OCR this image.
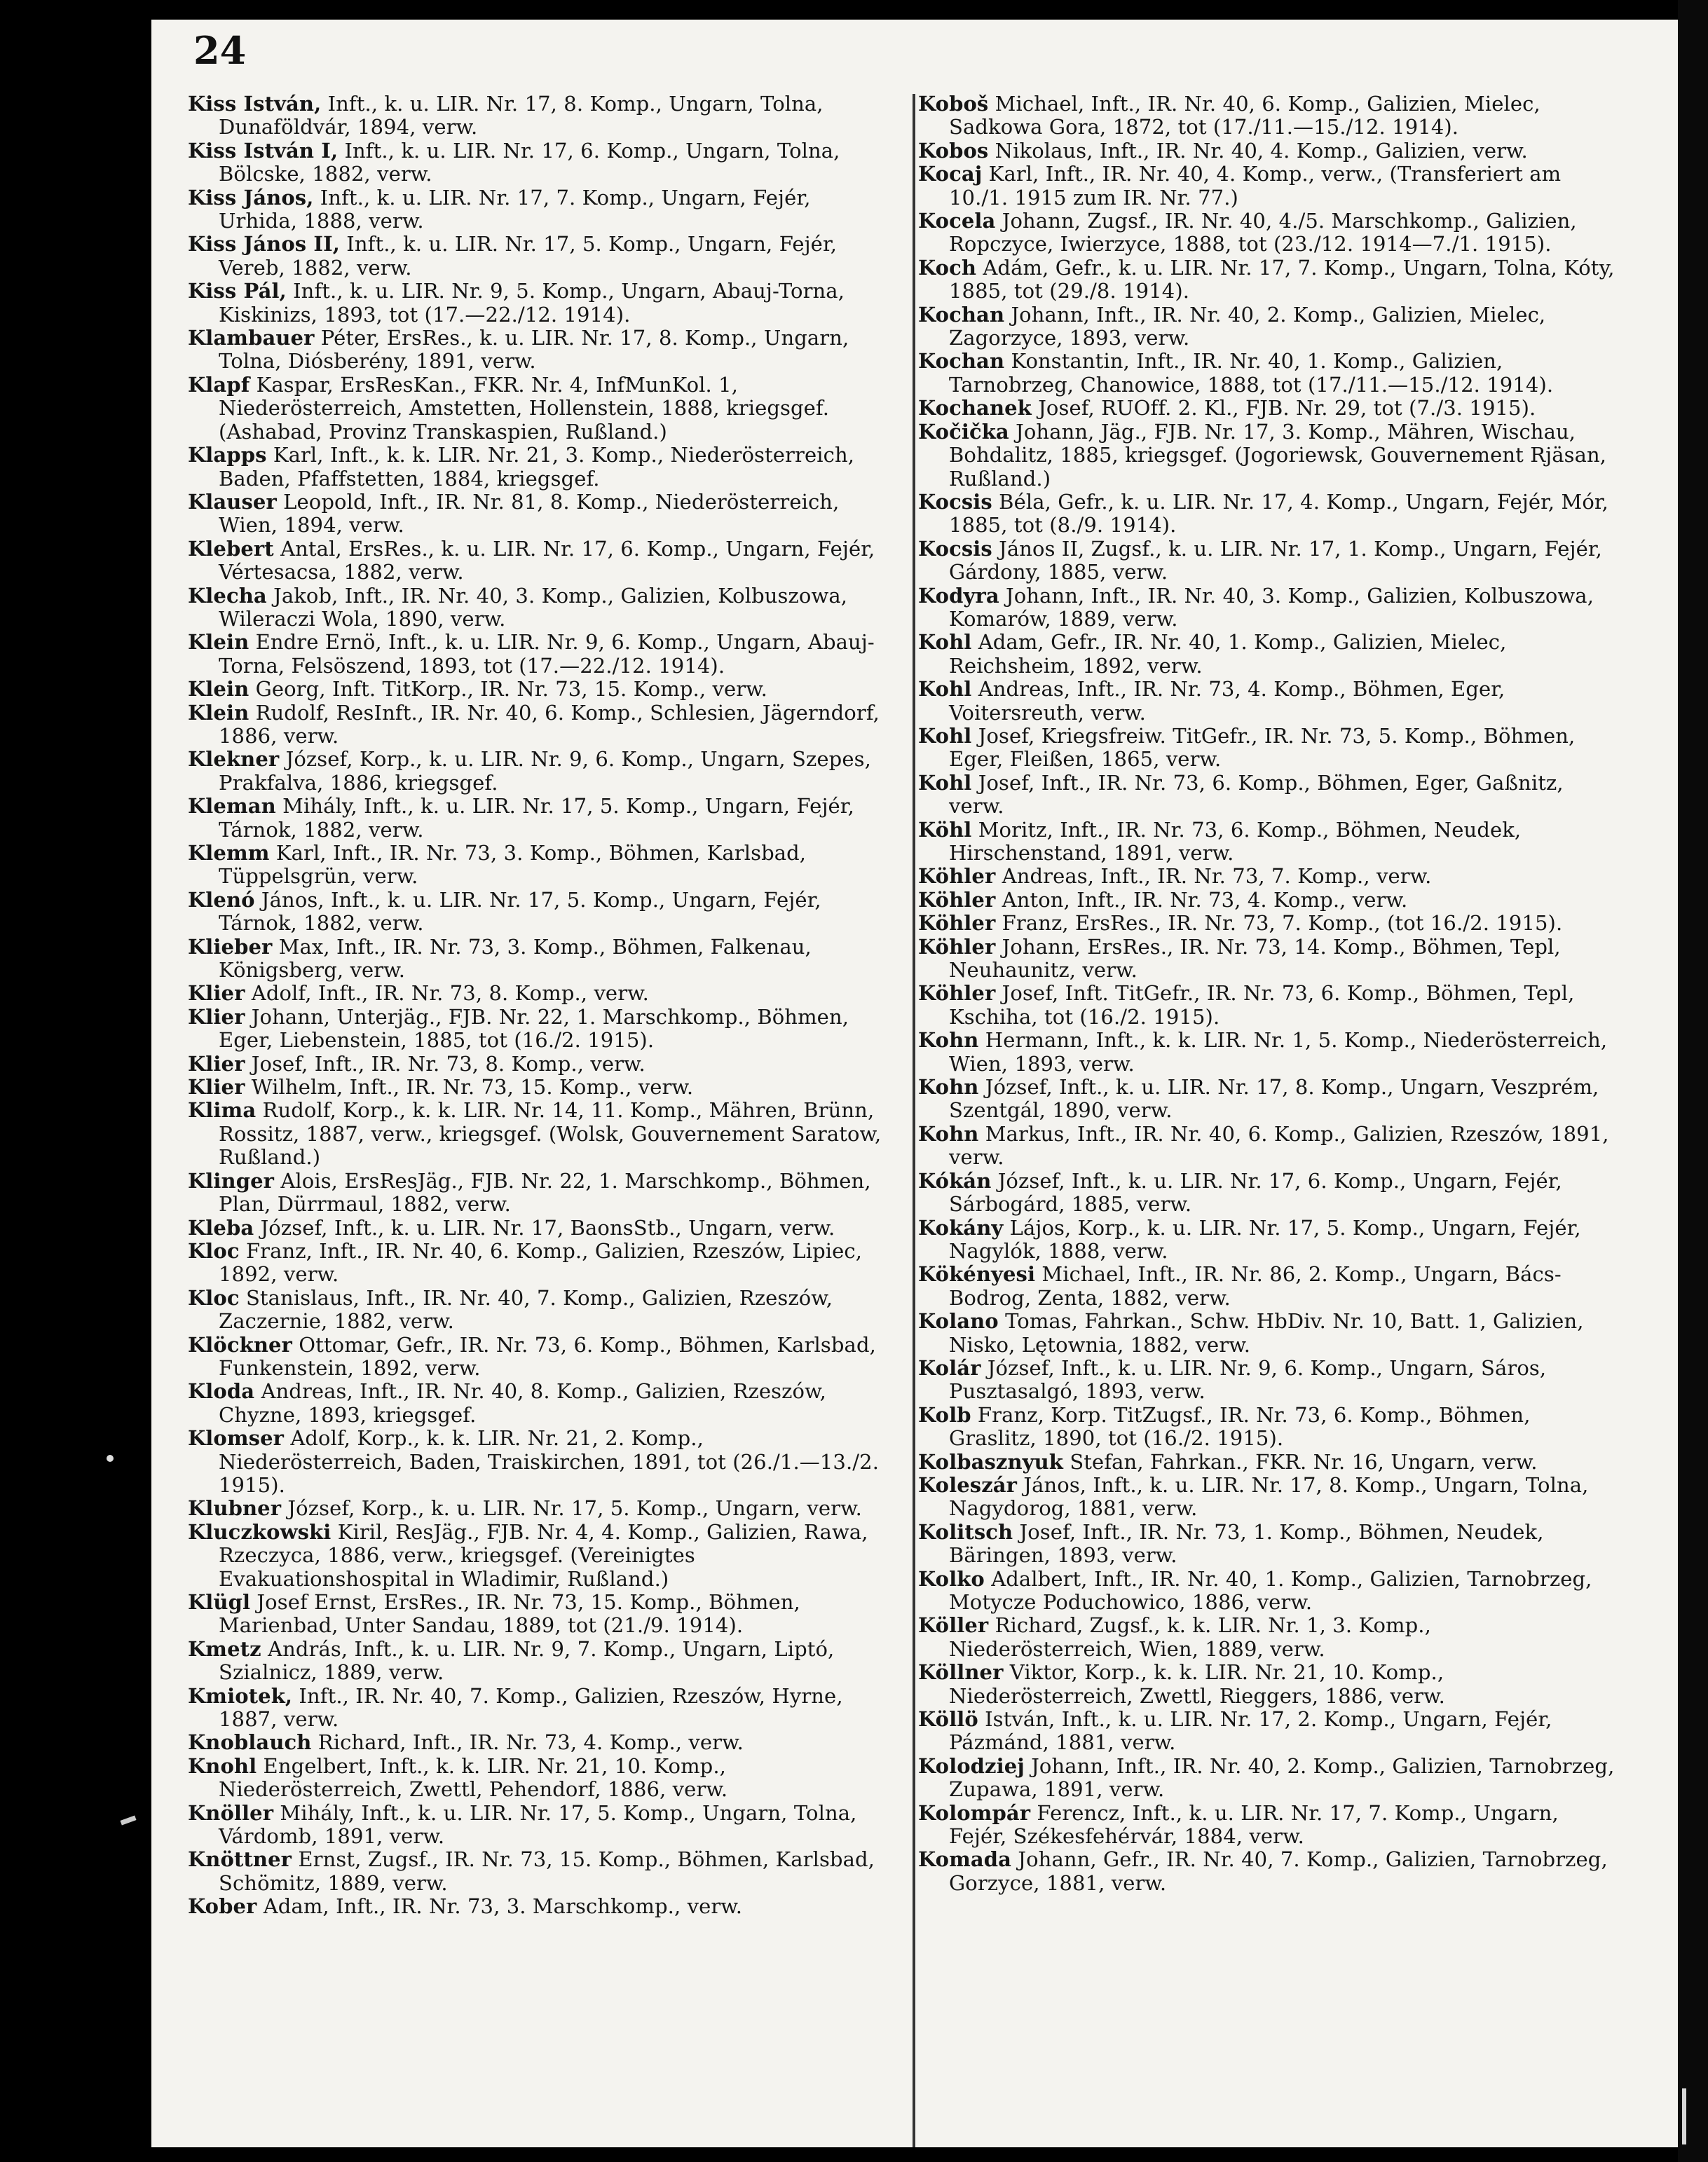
24

Kiss István, Inft., k. u. LIR. Nr. 17, 8. Komp., Ungarn, Tolna, Dunaföldvár, 1894, verw.

Kiss István I, Inft., k. u. LIR. Nr. 17, 6. Komp., Ungarn, Tolna, Bölcske, 1882, verw.

Kiss János, Inft., k. u. LIR. Nr. 17, 7. Komp., Ungarn, Fejér, Urhida, 1888, verw.

Kiss János II, Inft., k. u. LIR. Nr. 17, 5. Komp., Ungarn, Fejér, Vereb, 1882, verw.

Kiss Pál, Inft., k. u. LIR. Nr. 9, 5. Komp., Ungarn, Abauj-Torna, Kiskinizs, 1893, tot (17.—22./12. 1914).

Klambauer Péter, ErsRes., k. u. LIR. Nr. 17, 8. Komp., Ungarn, Tolna, Diósberény, 1891, verw.

Klapf Kaspar, ErsResKan., FKR. Nr. 4, InfMunKol. 1, Niederösterreich, Amstetten, Hollenstein, 1888, kriegsgef. (Ashabad, Provinz Transkaspien, Rußland.)

Klapps Karl, Inft., k. k. LIR. Nr. 21, 3. Komp., Niederösterreich, Baden, Pfaffstetten, 1884, kriegsgef.

Klauser Leopold, Inft., IR. Nr. 81, 8. Komp., Niederösterreich, Wien, 1894, verw.

Klebert Antal, ErsRes., k. u. LIR. Nr. 17, 6. Komp., Ungarn, Fejér, Vértesacsa, 1882, verw.

Klecha Jakob, Inft., IR. Nr. 40, 3. Komp., Galizien, Kolbuszowa, Wileraczi Wola, 1890, verw.

Klein Endre Ernö, Inft., k. u. LIR. Nr. 9, 6. Komp., Ungarn, Abauj-Torna, Felsöszend, 1893, tot (17.—22./12. 1914).

Klein Georg, Inft. TitKorp., IR. Nr. 73, 15. Komp., verw.

Klein Rudolf, ResInft., IR. Nr. 40, 6. Komp., Schlesien, Jägerndorf, 1886, verw.

Klekner József, Korp., k. u. LIR. Nr. 9, 6. Komp., Ungarn, Szepes, Prakfalva, 1886, kriegsgef.

Kleman Mihály, Inft., k. u. LIR. Nr. 17, 5. Komp., Ungarn, Fejér, Tárnok, 1882, verw.

Klemm Karl, Inft., IR. Nr. 73, 3. Komp., Böhmen, Karlsbad, Tüppelsgrün, verw.

Klenó János, Inft., k. u. LIR. Nr. 17, 5. Komp., Ungarn, Fejér, Tárnok, 1882, verw.

Klieber Max, Inft., IR. Nr. 73, 3. Komp., Böhmen, Falkenau, Königsberg, verw.

Klier Adolf, Inft., IR. Nr. 73, 8. Komp., verw.

Klier Johann, Unterjäg., FJB. Nr. 22, 1. Marschkomp., Böhmen, Eger, Liebenstein, 1885, tot (16./2. 1915).

Klier Josef, Inft., IR. Nr. 73, 8. Komp., verw.

Klier Wilhelm, Inft., IR. Nr. 73, 15. Komp., verw.

Klima Rudolf, Korp., k. k. LIR. Nr. 14, 11. Komp., Mähren, Brünn, Rossitz, 1887, verw., kriegsgef. (Wolsk, Gouvernement Saratow, Rußland.)

Klinger Alois, ErsResJäg., FJB. Nr. 22, 1. Marschkomp., Böhmen, Plan, Dürrmaul, 1882, verw.

Kleba József, Inft., k. u. LIR. Nr. 17, BaonsStb., Ungarn, verw.

Kloc Franz, Inft., IR. Nr. 40, 6. Komp., Galizien, Rzeszów, Lipiec, 1892, verw.

Kloc Stanislaus, Inft., IR. Nr. 40, 7. Komp., Galizien, Rzeszów, Zaczernie, 1882, verw.

Klöckner Ottomar, Gefr., IR. Nr. 73, 6. Komp., Böhmen, Karlsbad, Funkenstein, 1892, verw.

Kloda Andreas, Inft., IR. Nr. 40, 8. Komp., Galizien, Rzeszów, Chyzne, 1893, kriegsgef.

Klomser Adolf, Korp., k. k. LIR. Nr. 21, 2. Komp., Niederösterreich, Baden, Traiskirchen, 1891, tot (26./1.—13./2. 1915).

Klubner József, Korp., k. u. LIR. Nr. 17, 5. Komp., Ungarn, verw.

Kluczkowski Kiril, ResJäg., FJB. Nr. 4, 4. Komp., Galizien, Rawa, Rzeczyca, 1886, verw., kriegsgef. (Vereinigtes Evakuationshospital in Wladimir, Rußland.)

Klügl Josef Ernst, ErsRes., IR. Nr. 73, 15. Komp., Böhmen, Marienbad, Unter Sandau, 1889, tot (21./9. 1914).

Kmetz András, Inft., k. u. LIR. Nr. 9, 7. Komp., Ungarn, Liptó, Szialnicz, 1889, verw.

Kmiotek, Inft., IR. Nr. 40, 7. Komp., Galizien, Rzeszów, Hyrne, 1887, verw.

Knoblauch Richard, Inft., IR. Nr. 73, 4. Komp., verw.

Knohl Engelbert, Inft., k. k. LIR. Nr. 21, 10. Komp., Niederösterreich, Zwettl, Pehendorf, 1886, verw.

Knöller Mihály, Inft., k. u. LIR. Nr. 17, 5. Komp., Ungarn, Tolna, Várdomb, 1891, verw.

Knöttner Ernst, Zugsf., IR. Nr. 73, 15. Komp., Böhmen, Karlsbad, Schömitz, 1889, verw.

Kober Adam, Inft., IR. Nr. 73, 3. Marschkomp., verw.

Koboš Michael, Inft., IR. Nr. 40, 6. Komp., Galizien, Mielec, Sadkowa Gora, 1872, tot (17./11.—15./12. 1914).

Kobos Nikolaus, Inft., IR. Nr. 40, 4. Komp., Galizien, verw.

Kocaj Karl, Inft., IR. Nr. 40, 4. Komp., verw., (Transferiert am 10./1. 1915 zum IR. Nr. 77.)

Kocela Johann, Zugsf., IR. Nr. 40, 4./5. Marschkomp., Galizien, Ropczyce, Iwierzyce, 1888, tot (23./12. 1914—7./1. 1915).

Koch Adám, Gefr., k. u. LIR. Nr. 17, 7. Komp., Ungarn, Tolna, Kóty, 1885, tot (29./8. 1914).

Kochan Johann, Inft., IR. Nr. 40, 2. Komp., Galizien, Mielec, Zagorzyce, 1893, verw.

Kochan Konstantin, Inft., IR. Nr. 40, 1. Komp., Galizien, Tarnobrzeg, Chanowice, 1888, tot (17./11.—15./12. 1914).

Kochanek Josef, RUOff. 2. Kl., FJB. Nr. 29, tot (7./3. 1915).

Kočička Johann, Jäg., FJB. Nr. 17, 3. Komp., Mähren, Wischau, Bohdalitz, 1885, kriegsgef. (Jogoriewsk, Gouvernement Rjäsan, Rußland.)

Kocsis Béla, Gefr., k. u. LIR. Nr. 17, 4. Komp., Ungarn, Fejér, Mór, 1885, tot (8./9. 1914).

Kocsis János II, Zugsf., k. u. LIR. Nr. 17, 1. Komp., Ungarn, Fejér, Gárdony, 1885, verw.

Kodyra Johann, Inft., IR. Nr. 40, 3. Komp., Galizien, Kolbuszowa, Komarów, 1889, verw.

Kohl Adam, Gefr., IR. Nr. 40, 1. Komp., Galizien, Mielec, Reichsheim, 1892, verw.

Kohl Andreas, Inft., IR. Nr. 73, 4. Komp., Böhmen, Eger, Voitersreuth, verw.

Kohl Josef, Kriegsfreiw. TitGefr., IR. Nr. 73, 5. Komp., Böhmen, Eger, Fleißen, 1865, verw.

Kohl Josef, Inft., IR. Nr. 73, 6. Komp., Böhmen, Eger, Gaßnitz, verw.

Köhl Moritz, Inft., IR. Nr. 73, 6. Komp., Böhmen, Neudek, Hirschenstand, 1891, verw.

Köhler Andreas, Inft., IR. Nr. 73, 7. Komp., verw.

Köhler Anton, Inft., IR. Nr. 73, 4. Komp., verw.

Köhler Franz, ErsRes., IR. Nr. 73, 7. Komp., (tot 16./2. 1915).

Köhler Johann, ErsRes., IR. Nr. 73, 14. Komp., Böhmen, Tepl, Neuhaunitz, verw.

Köhler Josef, Inft. TitGefr., IR. Nr. 73, 6. Komp., Böhmen, Tepl, Kschiha, tot (16./2. 1915).

Kohn Hermann, Inft., k. k. LIR. Nr. 1, 5. Komp., Niederösterreich, Wien, 1893, verw.

Kohn József, Inft., k. u. LIR. Nr. 17, 8. Komp., Ungarn, Veszprém, Szentgál, 1890, verw.

Kohn Markus, Inft., IR. Nr. 40, 6. Komp., Galizien, Rzeszów, 1891, verw.

Kókán József, Inft., k. u. LIR. Nr. 17, 6. Komp., Ungarn, Fejér, Sárbogárd, 1885, verw.

Kokány Lájos, Korp., k. u. LIR. Nr. 17, 5. Komp., Ungarn, Fejér, Nagylók, 1888, verw.

Kökényesi Michael, Inft., IR. Nr. 86, 2. Komp., Ungarn, Bács-Bodrog, Zenta, 1882, verw.

Kolano Tomas, Fahrkan., Schw. HbDiv. Nr. 10, Batt. 1, Galizien, Nisko, Lętownia, 1882, verw.

Kolár József, Inft., k. u. LIR. Nr. 9, 6. Komp., Ungarn, Sáros, Pusztasalgó, 1893, verw.

Kolb Franz, Korp. TitZugsf., IR. Nr. 73, 6. Komp., Böhmen, Graslitz, 1890, tot (16./2. 1915).

Kolbasznyuk Stefan, Fahrkan., FKR. Nr. 16, Ungarn, verw.

Koleszár János, Inft., k. u. LIR. Nr. 17, 8. Komp., Ungarn, Tolna, Nagydorog, 1881, verw.

Kolitsch Josef, Inft., IR. Nr. 73, 1. Komp., Böhmen, Neudek, Bäringen, 1893, verw.

Kolko Adalbert, Inft., IR. Nr. 40, 1. Komp., Galizien, Tarnobrzeg, Motycze Poduchowico, 1886, verw.

Köller Richard, Zugsf., k. k. LIR. Nr. 1, 3. Komp., Niederösterreich, Wien, 1889, verw.

Köllner Viktor, Korp., k. k. LIR. Nr. 21, 10. Komp., Niederösterreich, Zwettl, Rieggers, 1886, verw.

Köllö István, Inft., k. u. LIR. Nr. 17, 2. Komp., Ungarn, Fejér, Pázmánd, 1881, verw.

Kolodziej Johann, Inft., IR. Nr. 40, 2. Komp., Galizien, Tarnobrzeg, Zupawa, 1891, verw.

Kolompár Ferencz, Inft., k. u. LIR. Nr. 17, 7. Komp., Ungarn, Fejér, Székesfehérvár, 1884, verw.

Komada Johann, Gefr., IR. Nr. 40, 7. Komp., Galizien, Tarnobrzeg, Gorzyce, 1881, verw.
